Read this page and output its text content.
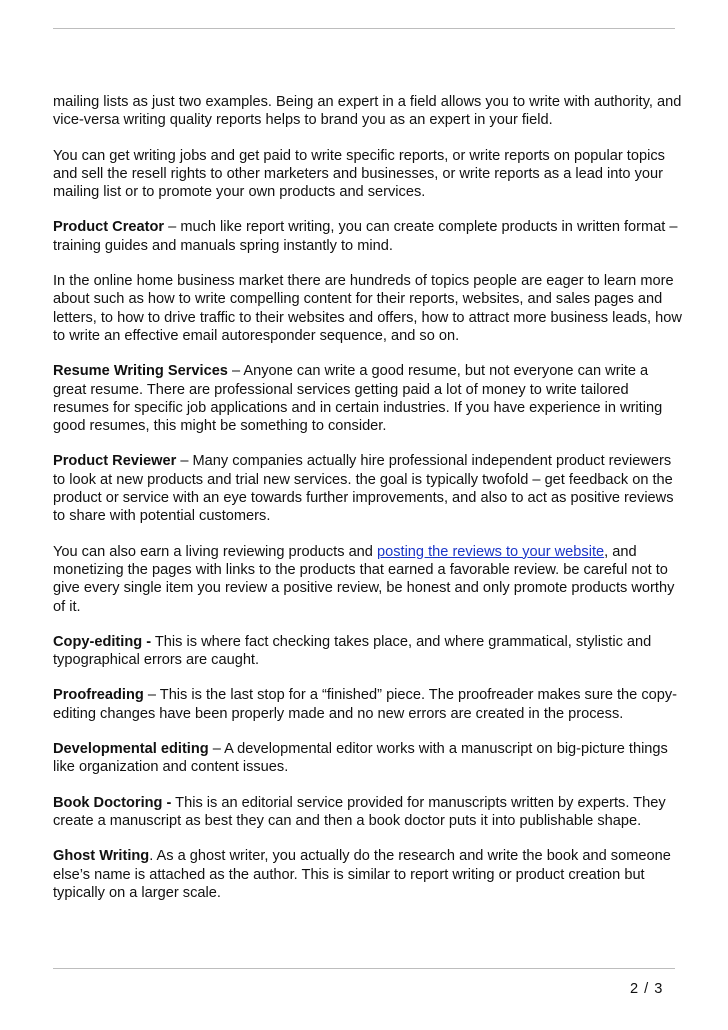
mailing lists as just two examples. Being an expert in a field allows you to write with authority, and vice-versa writing quality reports helps to brand you as an expert in your field.

You can get writing jobs and get paid to write specific reports, or write reports on popular topics and sell the resell rights to other marketers and businesses, or write reports as a lead into your mailing list or to promote your own products and services.

Product Creator – much like report writing, you can create complete products in written format – training guides and manuals spring instantly to mind.

In the online home business market there are hundreds of topics people are eager to learn more about such as how to write compelling content for their reports, websites, and sales pages and letters, to how to drive traffic to their websites and offers, how to attract more business leads, how to write an effective email autoresponder sequence, and so on.

Resume Writing Services – Anyone can write a good resume, but not everyone can write a great resume. There are professional services getting paid a lot of money to write tailored resumes for specific job applications and in certain industries. If you have experience in writing good resumes, this might be something to consider.

Product Reviewer – Many companies actually hire professional independent product reviewers to look at new products and trial new services. the goal is typically twofold – get feedback on the product or service with an eye towards further improvements, and also to act as positive reviews to share with potential customers.

You can also earn a living reviewing products and posting the reviews to your website, and monetizing the pages with links to the products that earned a favorable review. be careful not to give every single item you review a positive review, be honest and only promote products worthy of it.

Copy-editing - This is where fact checking takes place, and where grammatical, stylistic and typographical errors are caught.

Proofreading – This is the last stop for a “finished” piece. The proofreader makes sure the copy-editing changes have been properly made and no new errors are created in the process.

Developmental editing – A developmental editor works with a manuscript on big-picture things like organization and content issues.

Book Doctoring - This is an editorial service provided for manuscripts written by experts. They create a manuscript as best they can and then a book doctor puts it into publishable shape.

Ghost Writing. As a ghost writer, you actually do the research and write the book and someone else’s name is attached as the author. This is similar to report writing or product creation but typically on a larger scale.

2 / 3
